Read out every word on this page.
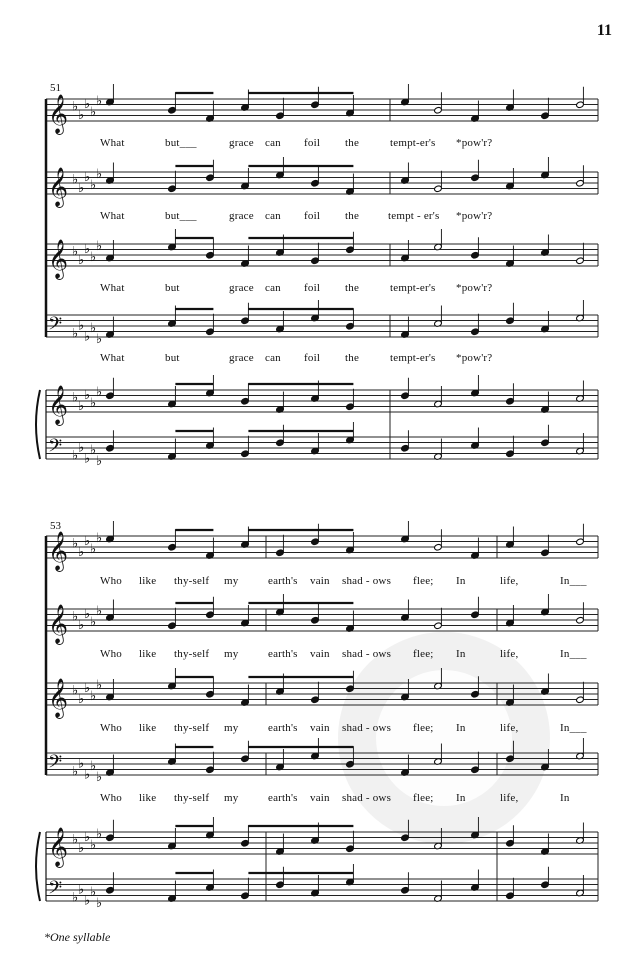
11
𝄞 ♭
♭
♭
♭
♭
𝄞 ♭
♭
♭
♭
♭
𝄞 ♭
♭
♭
♭
♭
𝄢 ♭
♭
♭
♭
♭
𝄞 ♭
♭
♭
♭
♭
𝄢 ♭
♭
♭
♭
♭
𝄞 ♭
♭
♭
♭
♭
𝄞 ♭
♭
♭
♭
♭
𝄞 ♭
♭
♭
♭
♭
𝄢 ♭
♭
♭
♭
♭
𝄞 ♭
♭
♭
♭
♭
𝄢 ♭
♭
♭
♭
♭
51
What	but___	grace can foil the	tempt-er's *pow'r?
What	but___	grace can foil the	tempt - er's *pow'r?
What	but	grace can foil the	tempt-er's *pow'r?
What	but	grace can foil the	tempt-er's *pow'r?
53
Who like thy-self my	earth's vain shad - ows flee; In	life,	In___
Who like thy-self my	earth's vain shad - ows flee; In	life,	In___
Who like thy-self my	earth's vain shad - ows flee; In	life,	In___
Who like thy-self my	earth's vain shad - ows flee; In	life,	In
*One syllable
